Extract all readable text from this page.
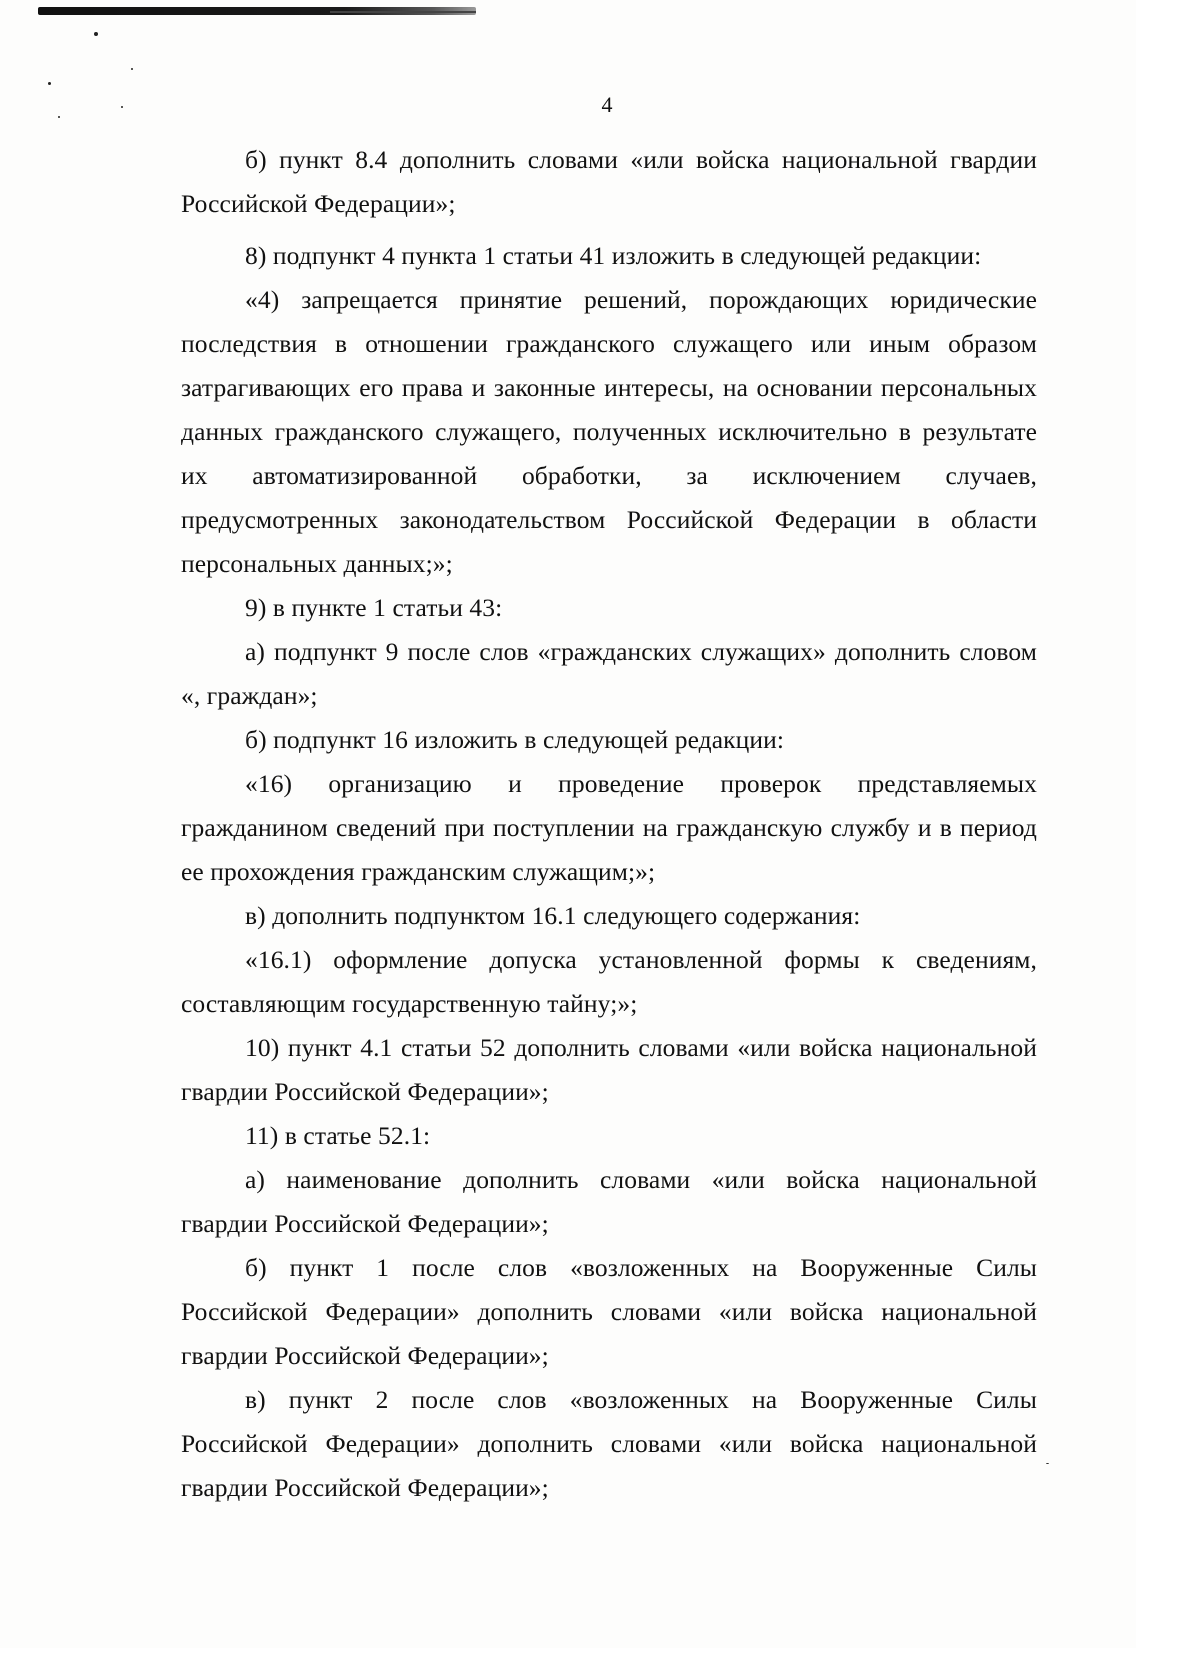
4

б) пункт 8.4 дополнить словами «или войска национальной гвардии Российской Федерации»;

8) подпункт 4 пункта 1 статьи 41 изложить в следующей редакции:

«4) запрещается принятие решений, порождающих юридические последствия в отношении гражданского служащего или иным образом затрагивающих его права и законные интересы, на основании персональных данных гражданского служащего, полученных исключительно в результате их автоматизированной обработки, за исключением случаев, предусмотренных законодательством Российской Федерации в области персональных данных;»;

9) в пункте 1 статьи 43:

а) подпункт 9 после слов «гражданских служащих» дополнить словом «, граждан»;

б) подпункт 16 изложить в следующей редакции:

«16) организацию и проведение проверок представляемых гражданином сведений при поступлении на гражданскую службу и в период ее прохождения гражданским служащим;»;

в) дополнить подпунктом 16.1 следующего содержания:

«16.1) оформление допуска установленной формы к сведениям, составляющим государственную тайну;»;

10) пункт 4.1 статьи 52 дополнить словами «или войска национальной гвардии Российской Федерации»;

11) в статье 52.1:

а) наименование дополнить словами «или войска национальной гвардии Российской Федерации»;

б) пункт 1 после слов «возложенных на Вооруженные Силы Российской Федерации» дополнить словами «или войска национальной гвардии Российской Федерации»;

в) пункт 2 после слов «возложенных на Вооруженные Силы Российской Федерации» дополнить словами «или войска национальной гвардии Российской Федерации»;
